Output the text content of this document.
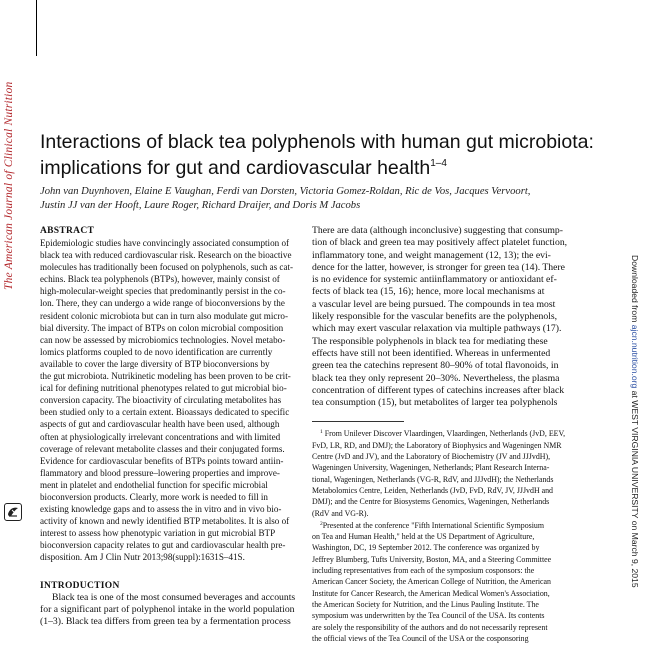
The American Journal of Clinical Nutrition Interactions of black tea polyphenols with human gut microbiota: implications for gut and cardiovascular health$^{1-4}$
John van Duynhoven, Elaine E Vaughan, Ferdi van Dorsten, Victoria Gomez-Roldan, Ric de Vos, Jacques Vervoort,
Justin JJ van der Hooft, Laure Roger, Richard Draijer, and Doris M Jacobs
ABSTRACT
Epidemiologic studies have convincingly associated consumption of
black tea with reduced cardiovascular risk. Research on the bioactive
molecules has traditionally been focused on polyphenols, such as cat-
echins. Black tea polyphenols (BTPs), however, mainly consist of
high-molecular-weight species that predominantly persist in the co-
lon. There, they can undergo a wide range of bioconversions by the
resident colonic microbiota but can in turn also modulate gut micro-
bial diversity. The impact of BTPs on colon microbial composition
can now be assessed by microbiomics technologies. Novel metabo-
lomics platforms coupled to de novo identification are currently
available to cover the large diversity of BTP bioconversions by
the gut microbiota. Nutrikinetic modeling has been proven to be crit-
ical for defining nutritional phenotypes related to gut microbial bio-
conversion capacity. The bioactivity of circulating metabolites has
been studied only to a certain extent. Bioassays dedicated to specific
aspects of gut and cardiovascular health have been used, although
often at physiologically irrelevant concentrations and with limited
coverage of relevant metabolite classes and their conjugated forms.
Evidence for cardiovascular benefits of BTPs points toward antiin-
flammatory and blood pressure–lowering properties and improve-
ment in platelet and endothelial function for specific microbial
bioconversion products. Clearly, more work is needed to fill in
existing knowledge gaps and to assess the in vitro and in vivo bio-
activity of known and newly identified BTP metabolites. It is also of
interest to assess how phenotypic variation in gut microbial BTP
bioconversion capacity relates to gut and cardiovascular health pre-
disposition. Am J Clin Nutr 2013;98(suppl):1631S–41S.
INTRODUCTION
Black tea is one of the most consumed beverages and accounts
for a significant part of polyphenol intake in the world population
(1–3). Black tea differs from green tea by a fermentation process
There are data (although inconclusive) suggesting that consump-
tion of black and green tea may positively affect platelet function,
inflammatory tone, and weight management (12, 13); the evi-
dence for the latter, however, is stronger for green tea (14). There
is no evidence for systemic antiinflammatory or antioxidant ef-
fects of black tea (15, 16); hence, more local mechanisms at
a vascular level are being pursued. The compounds in tea most
likely responsible for the vascular benefits are the polyphenols,
which may exert vascular relaxation via multiple pathways (17).
The responsible polyphenols in black tea for mediating these
effects have still not been identified. Whereas in unfermented
green tea the catechins represent 80–90% of total flavonoids, in
black tea they only represent 20–30%. Nevertheless, the plasma
concentration of different types of catechins increases after black
tea consumption (15), but metabolites of larger tea polyphenols
$^1$ From Unilever Discover Vlaardingen, Vlaardingen, Netherlands (JvD, EEV,
FvD, LR, RD, and DMJ); the Laboratory of Biophysics and Wageningen NMR
Centre (JvD and JV), and the Laboratory of Biochemistry (JV and JJJvdH),
Wageningen University, Wageningen, Netherlands; Plant Research Interna-
tional, Wageningen, Netherlands (VG-R, RdV, and JJJvdH); the Netherlands
Metabolomics Centre, Leiden, Netherlands (JvD, FvD, RdV, JV, JJJvdH and
DMJ); and the Centre for Biosystems Genomics, Wageningen, Netherlands
(RdV and VG-R).
$^2$Presented at the conference "Fifth International Scientific Symposium
on Tea and Human Health," held at the US Department of Agriculture,
Washington, DC, 19 September 2012. The conference was organized by
Jeffrey Blumberg, Tufts University, Boston, MA, and a Steering Committee
including representatives from each of the symposium cosponsors: the
American Cancer Society, the American College of Nutrition, the American
Institute for Cancer Research, the American Medical Women's Association,
the American Society for Nutrition, and the Linus Pauling Institute. The
symposium was underwritten by the Tea Council of the USA. Its contents
are solely the responsibility of the authors and do not necessarily represent
the official views of the Tea Council of the USA or the cosponsoring
Downloaded from ajcn.nutrition.org at WEST VIRGINIA UNIVERSITY on March 9, 2015
